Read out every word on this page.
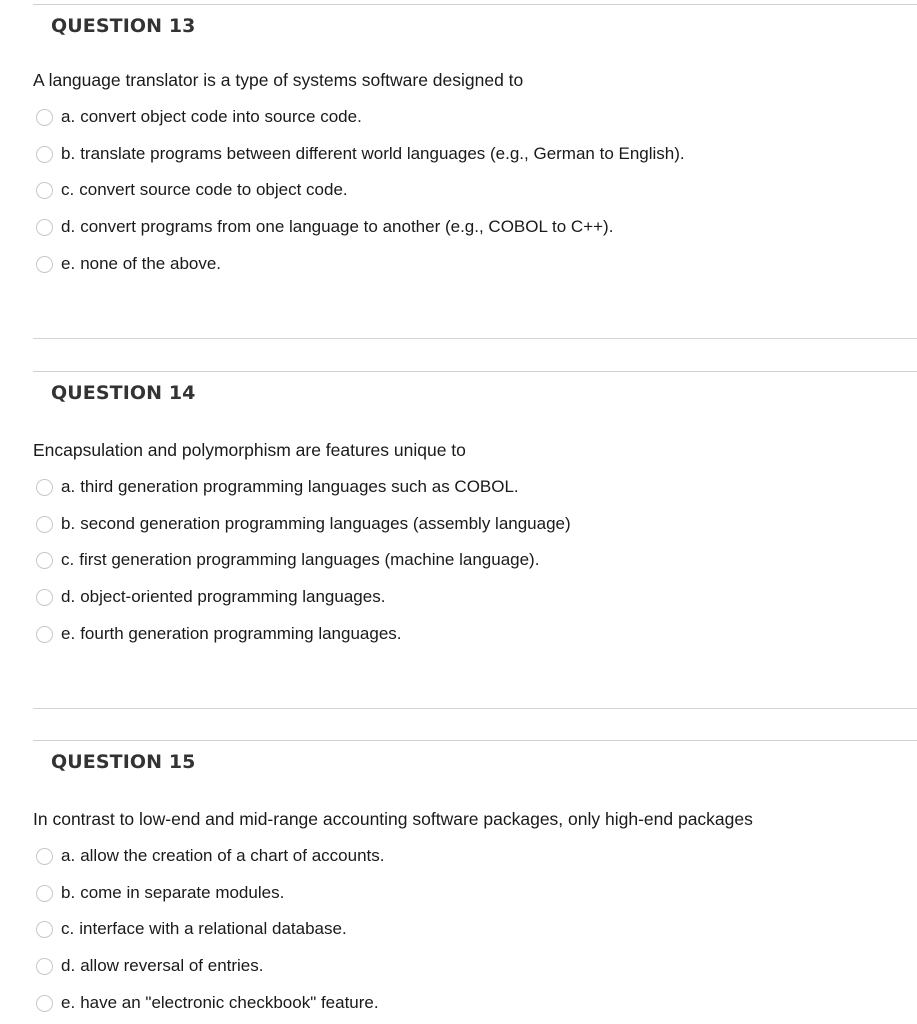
QUESTION 13
A language translator is a type of systems software designed to
a. convert object code into source code.
b. translate programs between different world languages (e.g., German to English).
c. convert source code to object code.
d. convert programs from one language to another (e.g., COBOL to C++).
e. none of the above.
QUESTION 14
Encapsulation and polymorphism are features unique to
a. third generation programming languages such as COBOL.
b. second generation programming languages (assembly language)
c. first generation programming languages (machine language).
d. object-oriented programming languages.
e. fourth generation programming languages.
QUESTION 15
In contrast to low-end and mid-range accounting software packages, only high-end packages
a. allow the creation of a chart of accounts.
b. come in separate modules.
c. interface with a relational database.
d. allow reversal of entries.
e. have an "electronic checkbook" feature.
